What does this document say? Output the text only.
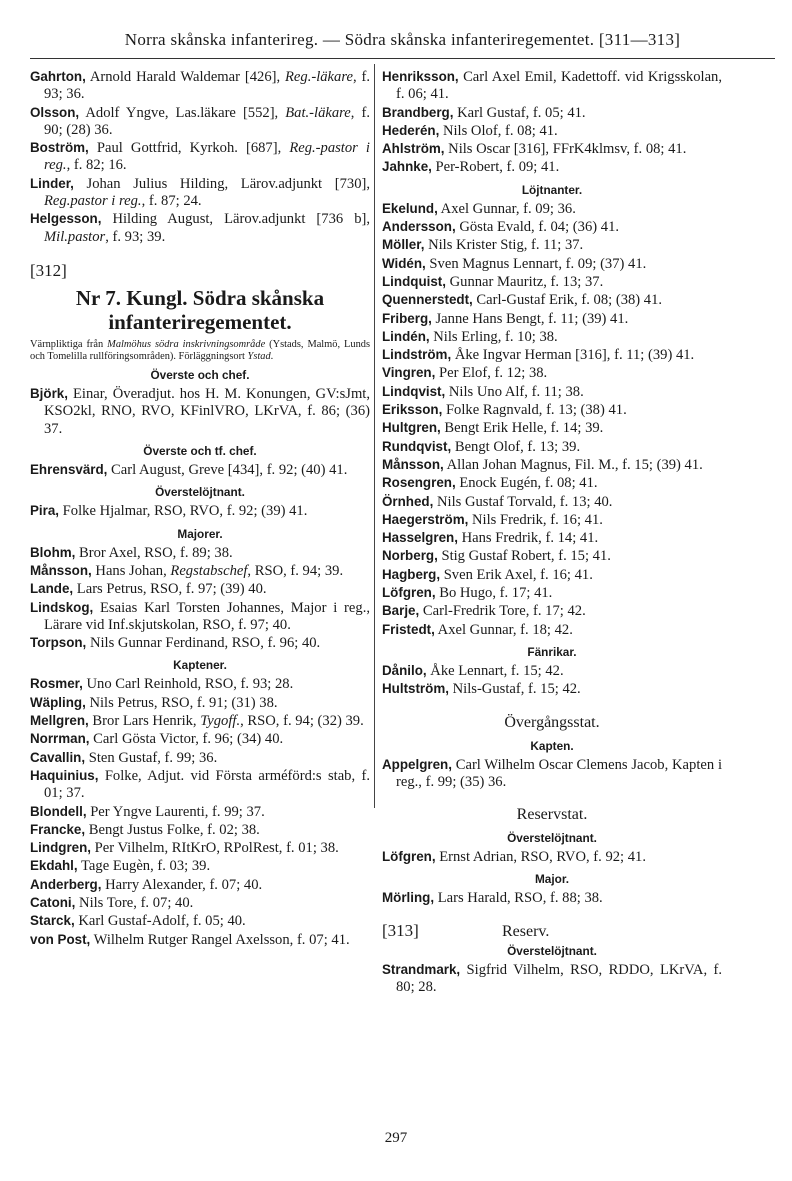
Norra skånska infanterireg. — Södra skånska infanteriregementet. [311—313]
Gahrton, Arnold Harald Waldemar [426], Reg.-läkare, f. 93; 36.
Olsson, Adolf Yngve, Las.läkare [552], Bat.-läkare, f. 90; (28) 36.
Boström, Paul Gottfrid, Kyrkoh. [687], Reg.-pastor i reg., f. 82; 16.
Linder, Johan Julius Hilding, Lärov.adjunkt [730], Reg.pastor i reg., f. 87; 24.
Helgesson, Hilding August, Lärov.adjunkt [736 b], Mil.pastor, f. 93; 39.
[312]
Nr 7. Kungl. Södra skånska
infanteriregementet.
Värnpliktiga från Malmöhus södra inskrivningsområde (Ystads, Malmö, Lunds och Tomelilla rullföringsområden). Förläggningsort Ystad.
Överste och chef.
Björk, Einar, Överadjut. hos H. M. Konungen, GV:sJmt, KSO2kl, RNO, RVO, KFinlVRO, LKrVA, f. 86; (36) 37.
Överste och tf. chef.
Ehrensvärd, Carl August, Greve [434], f. 92; (40) 41.
Överstelöjtnant.
Pira, Folke Hjalmar, RSO, RVO, f. 92; (39) 41.
Majorer.
Blohm, Bror Axel, RSO, f. 89; 38.
Månsson, Hans Johan, Regstabschef, RSO, f. 94; 39.
Lande, Lars Petrus, RSO, f. 97; (39) 40.
Lindskog, Esaias Karl Torsten Johannes, Major i reg., Lärare vid Inf.skjutskolan, RSO, f. 97; 40.
Torpson, Nils Gunnar Ferdinand, RSO, f. 96; 40.
Kaptener.
Rosmer, Uno Carl Reinhold, RSO, f. 93; 28.
Wäpling, Nils Petrus, RSO, f. 91; (31) 38.
Mellgren, Bror Lars Henrik, Tygoff., RSO, f. 94; (32) 39.
Norrman, Carl Gösta Victor, f. 96; (34) 40.
Cavallin, Sten Gustaf, f. 99; 36.
Haquinius, Folke, Adjut. vid Första arméförd:s stab, f. 01; 37.
Blondell, Per Yngve Laurenti, f. 99; 37.
Francke, Bengt Justus Folke, f. 02; 38.
Lindgren, Per Vilhelm, RItKrO, RPolRest, f. 01; 38.
Ekdahl, Tage Eugèn, f. 03; 39.
Anderberg, Harry Alexander, f. 07; 40.
Catoni, Nils Tore, f. 07; 40.
Starck, Karl Gustaf-Adolf, f. 05; 40.
von Post, Wilhelm Rutger Rangel Axelsson, f. 07; 41.
Henriksson, Carl Axel Emil, Kadettoff. vid Krigsskolan, f. 06; 41.
Brandberg, Karl Gustaf, f. 05; 41.
Hederén, Nils Olof, f. 08; 41.
Ahlström, Nils Oscar [316], FFrK4klmsv, f. 08; 41.
Jahnke, Per-Robert, f. 09; 41.
Löjtnanter.
Ekelund, Axel Gunnar, f. 09; 36.
Andersson, Gösta Evald, f. 04; (36) 41.
Möller, Nils Krister Stig, f. 11; 37.
Widén, Sven Magnus Lennart, f. 09; (37) 41.
Lindquist, Gunnar Mauritz, f. 13; 37.
Quennerstedt, Carl-Gustaf Erik, f. 08; (38) 41.
Friberg, Janne Hans Bengt, f. 11; (39) 41.
Lindén, Nils Erling, f. 10; 38.
Lindström, Åke Ingvar Herman [316], f. 11; (39) 41.
Vingren, Per Elof, f. 12; 38.
Lindqvist, Nils Uno Alf, f. 11; 38.
Eriksson, Folke Ragnvald, f. 13; (38) 41.
Hultgren, Bengt Erik Helle, f. 14; 39.
Rundqvist, Bengt Olof, f. 13; 39.
Månsson, Allan Johan Magnus, Fil. M., f. 15; (39) 41.
Rosengren, Enock Eugén, f. 08; 41.
Örnhed, Nils Gustaf Torvald, f. 13; 40.
Haegerström, Nils Fredrik, f. 16; 41.
Hasselgren, Hans Fredrik, f. 14; 41.
Norberg, Stig Gustaf Robert, f. 15; 41.
Hagberg, Sven Erik Axel, f. 16; 41.
Löfgren, Bo Hugo, f. 17; 41.
Barje, Carl-Fredrik Tore, f. 17; 42.
Fristedt, Axel Gunnar, f. 18; 42.
Fänrikar.
Dånilo, Åke Lennart, f. 15; 42.
Hultström, Nils-Gustaf, f. 15; 42.
Övergångsstat.
Kapten.
Appelgren, Carl Wilhelm Oscar Clemens Jacob, Kapten i reg., f. 99; (35) 36.
Reservstat.
Överstelöjtnant.
Löfgren, Ernst Adrian, RSO, RVO, f. 92; 41.
Major.
Mörling, Lars Harald, RSO, f. 88; 38.
[313]	Reserv.
Överstelöjtnant.
Strandmark, Sigfrid Vilhelm, RSO, RDDO, LKrVA, f. 80; 28.
297
